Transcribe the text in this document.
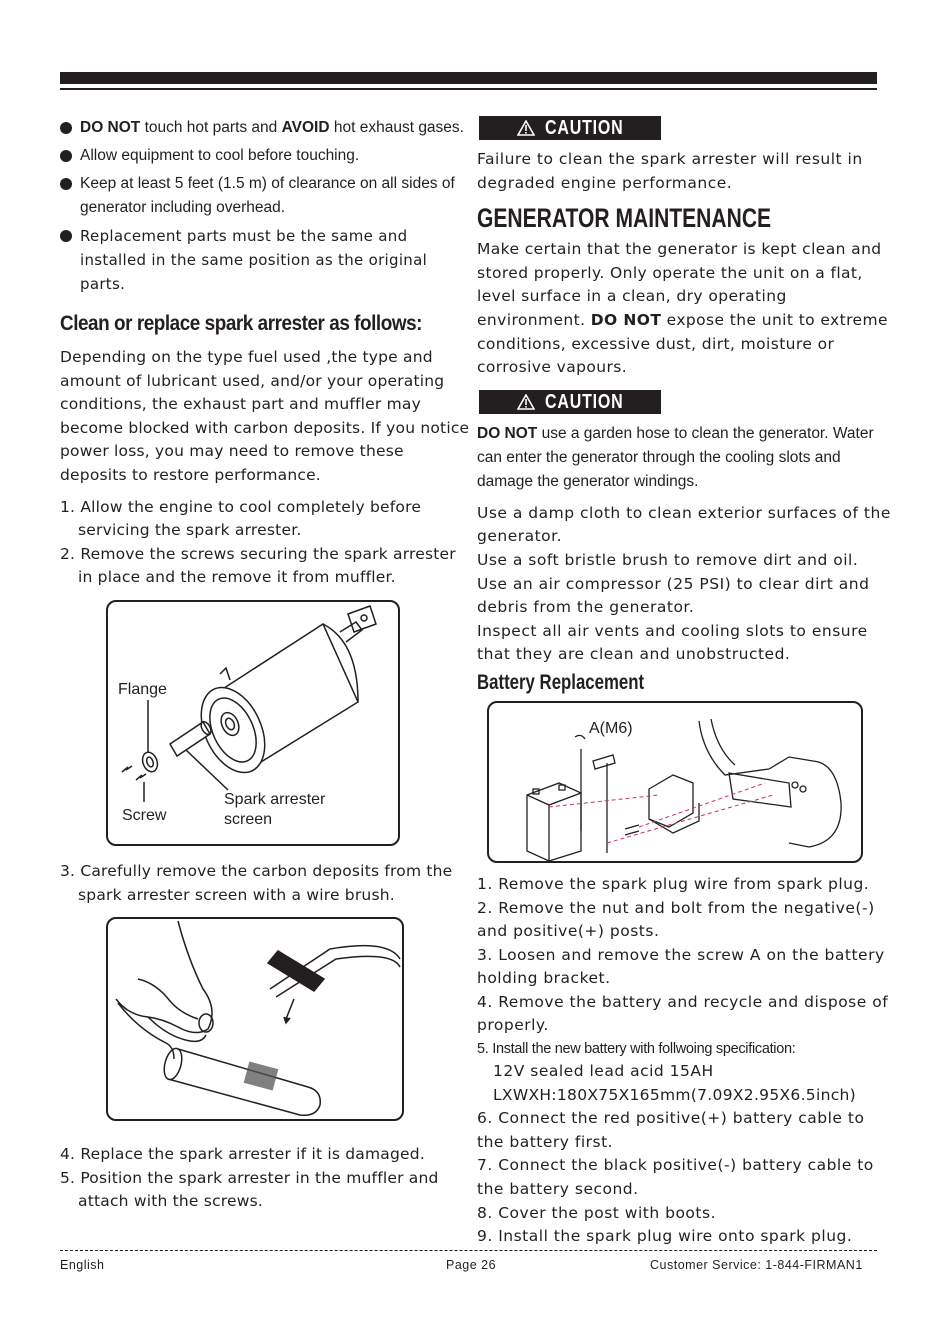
DO NOT touch hot parts and AVOID hot exhaust gases.
Allow equipment to cool before touching.
Keep at least 5 feet (1.5 m) of clearance on all sides of generator including overhead.
Replacement parts must be the same and installed in the same position as the original parts.
Clean or replace spark arrester as follows:
Depending on the type fuel used ,the type and amount of lubricant used, and/or your operating conditions, the exhaust part and muffler may become blocked with carbon deposits. If you notice power loss, you may need to remove these deposits to restore performance.
1. Allow the engine to cool completely before servicing the spark arrester.
2. Remove the screws securing the spark arrester in place and the remove it from muffler.
Flange
Screw
Spark arrester
screen
3. Carefully remove the carbon deposits from the spark arrester screen with a wire brush.
4. Replace the spark arrester if it is damaged.
5. Position the spark arrester in the muffler and attach with the screws.
CAUTION
Failure to clean the spark arrester will result in degraded engine performance.
GENERATOR MAINTENANCE
Make certain that the generator is kept clean and stored properly. Only operate the unit on a flat, level surface in a clean, dry operating environment. DO NOT expose the unit to extreme conditions, excessive dust, dirt, moisture or corrosive vapours.
CAUTION
DO NOT use a garden hose to clean the generator. Water can enter the generator through the cooling slots and damage the generator windings.
Use a damp cloth to clean exterior surfaces of the generator.
Use a soft bristle brush to remove dirt and oil.
Use an air compressor (25 PSI) to clear dirt and debris from the generator.
Inspect all air vents and cooling slots to ensure that they are clean and unobstructed.
Battery Replacement
A(M6)
1. Remove the spark plug wire from spark plug.
2. Remove the nut and bolt from the negative(-) and positive(+) posts.
3. Loosen and remove the screw A on the battery holding bracket.
4. Remove the battery and recycle and dispose of properly.
5. Install the new battery with follwoing specification:
12V sealed lead acid 15AH
LXWXH:180X75X165mm(7.09X2.95X6.5inch)
6. Connect the red positive(+) battery cable to the battery first.
7. Connect the black positive(-) battery cable to the battery second.
8. Cover the post with boots.
9. Install the spark plug wire onto spark plug.
English	Page 26	Customer Service: 1-844-FIRMAN1
